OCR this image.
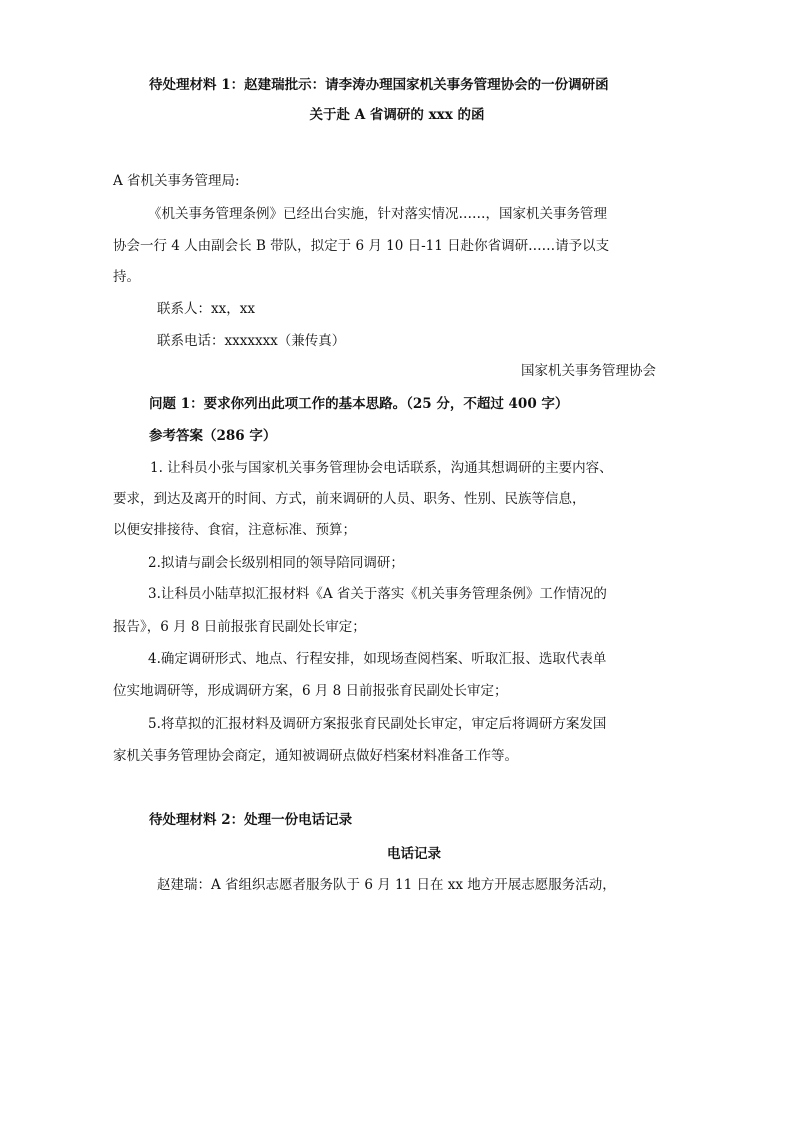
待处理材料 1：赵建瑞批示：请李涛办理国家机关事务管理协会的一份调研函
关于赴 A 省调研的 xxx 的函
A 省机关事务管理局:
《机关事务管理条例》已经出台实施，针对落实情况……，国家机关事务管理
协会一行 4 人由副会长 B 带队，拟定于 6 月 10 日-11 日赴你省调研……请予以支
持。
联系人：xx，xx
联系电话：xxxxxxx（兼传真）
国家机关事务管理协会
问题 1：要求你列出此项工作的基本思路。（25 分，不超过 400 字）
参考答案（286 字）
1. 让科员小张与国家机关事务管理协会电话联系，沟通其想调研的主要内容、
要求，到达及离开的时间、方式，前来调研的人员、职务、性别、民族等信息，
以便安排接待、食宿，注意标准、预算；
2.拟请与副会长级别相同的领导陪同调研；
3.让科员小陆草拟汇报材料《A 省关于落实《机关事务管理条例》工作情况的
报告》，6 月 8 日前报张育民副处长审定；
4.确定调研形式、地点、行程安排，如现场查阅档案、听取汇报、选取代表单
位实地调研等，形成调研方案，6 月 8 日前报张育民副处长审定；
5.将草拟的汇报材料及调研方案报张育民副处长审定，审定后将调研方案发国
家机关事务管理协会商定，通知被调研点做好档案材料准备工作等。
待处理材料 2：处理一份电话记录
电话记录
赵建瑞：A 省组织志愿者服务队于 6 月 11 日在 xx 地方开展志愿服务活动，
